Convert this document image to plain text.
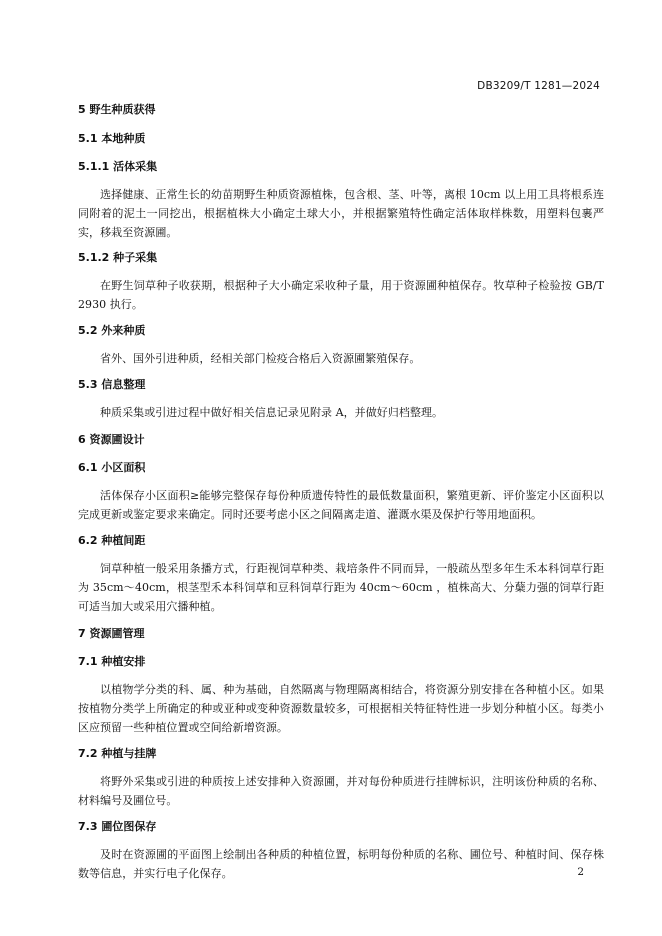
DB3209/T 1281—2024
5 野生种质获得
5.1 本地种质
5.1.1 活体采集
选择健康、正常生长的幼苗期野生种质资源植株，包含根、茎、叶等，离根 10cm 以上用工具将根系连同附着的泥土一同挖出，根据植株大小确定土球大小，并根据繁殖特性确定活体取样株数，用塑料包裹严实，移栽至资源圃。
5.1.2 种子采集
在野生饲草种子收获期，根据种子大小确定采收种子量，用于资源圃种植保存。牧草种子检验按 GB/T 2930 执行。
5.2 外来种质
省外、国外引进种质，经相关部门检疫合格后入资源圃繁殖保存。
5.3 信息整理
种质采集或引进过程中做好相关信息记录见附录 A，并做好归档整理。
6 资源圃设计
6.1 小区面积
活体保存小区面积≥能够完整保存每份种质遗传特性的最低数量面积，繁殖更新、评价鉴定小区面积以完成更新或鉴定要求来确定。同时还要考虑小区之间隔离走道、灌溉水渠及保护行等用地面积。
6.2 种植间距
饲草种植一般采用条播方式，行距视饲草种类、栽培条件不同而异，一般疏丛型多年生禾本科饲草行距为 35cm～40cm，根茎型禾本科饲草和豆科饲草行距为 40cm～60cm ，植株高大、分蘖力强的饲草行距可适当加大或采用穴播种植。
7 资源圃管理
7.1 种植安排
以植物学分类的科、属、种为基础，自然隔离与物理隔离相结合，将资源分别安排在各种植小区。如果按植物分类学上所确定的种或亚种或变种资源数量较多，可根据相关特征特性进一步划分种植小区。每类小区应预留一些种植位置或空间给新增资源。
7.2 种植与挂牌
将野外采集或引进的种质按上述安排种入资源圃，并对每份种质进行挂牌标识，注明该份种质的名称、材料编号及圃位号。
7.3 圃位图保存
及时在资源圃的平面图上绘制出各种质的种植位置，标明每份种质的名称、圃位号、种植时间、保存株数等信息，并实行电子化保存。	2
